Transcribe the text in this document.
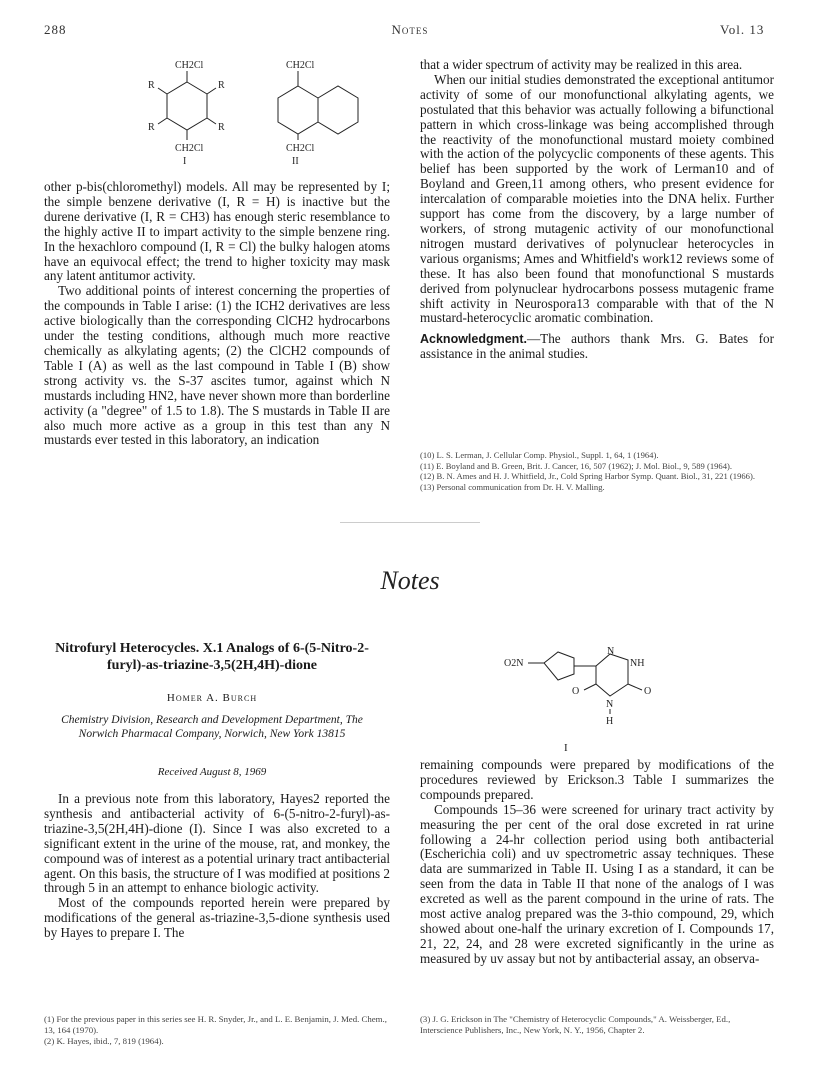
288	Notes	Vol. 13
CH2Cl
CH2Cl
R	R
R	R
I
CH2Cl
CH2Cl
II

other p-bis(chloromethyl) models. All may be represented by I; the simple benzene derivative (I, R = H) is inactive but the durene derivative (I, R = CH3) has enough steric resemblance to the highly active II to impart activity to the simple benzene ring. In the hexachloro compound (I, R = Cl) the bulky halogen atoms have an equivocal effect; the trend to higher toxicity may mask any latent antitumor activity.

Two additional points of interest concerning the properties of the compounds in Table I arise: (1) the ICH2 derivatives are less active biologically than the corresponding ClCH2 hydrocarbons under the testing conditions, although much more reactive chemically as alkylating agents; (2) the ClCH2 compounds of Table I (A) as well as the last compound in Table I (B) show strong activity vs. the S-37 ascites tumor, against which N mustards including HN2, have never shown more than borderline activity (a "degree" of 1.5 to 1.8). The S mustards in Table II are also much more active as a group in this test than any N mustards ever tested in this laboratory, an indication

that a wider spectrum of activity may be realized in this area.

When our initial studies demonstrated the exceptional antitumor activity of some of our monofunctional alkylating agents, we postulated that this behavior was actually following a bifunctional pattern in which cross-linkage was being accomplished through the reactivity of the monofunctional mustard moiety combined with the action of the polycyclic components of these agents. This belief has been supported by the work of Lerman10 and of Boyland and Green,11 among others, who present evidence for intercalation of comparable moieties into the DNA helix. Further support has come from the discovery, by a large number of workers, of strong mutagenic activity of our monofunctional nitrogen mustard derivatives of polynuclear heterocycles in various organisms; Ames and Whitfield's work12 reviews some of these. It has also been found that monofunctional S mustards derived from polynuclear hydrocarbons possess mutagenic frame shift activity in Neurospora13 comparable with that of the N mustard-heterocyclic aromatic combination.

Acknowledgment.—The authors thank Mrs. G. Bates for assistance in the animal studies.

(10) L. S. Lerman, J. Cellular Comp. Physiol., Suppl. 1, 64, 1 (1964).
(11) E. Boyland and B. Green, Brit. J. Cancer, 16, 507 (1962); J. Mol. Biol., 9, 589 (1964).
(12) B. N. Ames and H. J. Whitfield, Jr., Cold Spring Harbor Symp. Quant. Biol., 31, 221 (1966).
(13) Personal communication from Dr. H. V. Malling.
Notes
Nitrofuryl Heterocycles. X.1 Analogs of 6-(5-Nitro-2-furyl)-as-triazine-3,5(2H,4H)-dione
Homer A. Burch
Chemistry Division, Research and Development Department, The Norwich Pharmacal Company, Norwich, New York 13815
Received August 8, 1969

In a previous note from this laboratory, Hayes2 reported the synthesis and antibacterial activity of 6-(5-nitro-2-furyl)-as-triazine-3,5(2H,4H)-dione (I). Since I was also excreted to a significant extent in the urine of the mouse, rat, and monkey, the compound was of interest as a potential urinary tract antibacterial agent. On this basis, the structure of I was modified at positions 2 through 5 in an attempt to enhance biologic activity.

Most of the compounds reported herein were prepared by modifications of the general as-triazine-3,5-dione synthesis used by Hayes to prepare I. The

(1) For the previous paper in this series see H. R. Snyder, Jr., and L. E. Benjamin, J. Med. Chem., 13, 164 (1970).
(2) K. Hayes, ibid., 7, 819 (1964).
O2N
N
NH
O
O
N
H
I

remaining compounds were prepared by modifications of the procedures reviewed by Erickson.3 Table I summarizes the compounds prepared.

Compounds 15–36 were screened for urinary tract activity by measuring the per cent of the oral dose excreted in rat urine following a 24-hr collection period using both antibacterial (Escherichia coli) and uv spectrometric assay techniques. These data are summarized in Table II. Using I as a standard, it can be seen from the data in Table II that none of the analogs of I was excreted as well as the parent compound in the urine of rats. The most active analog prepared was the 3-thio compound, 29, which showed about one-half the urinary excretion of I. Compounds 17, 21, 22, 24, and 28 were excreted significantly in the urine as measured by uv assay but not by antibacterial assay, an observa-

(3) J. G. Erickson in The "Chemistry of Heterocyclic Compounds," A. Weissberger, Ed., Interscience Publishers, Inc., New York, N. Y., 1956, Chapter 2.
